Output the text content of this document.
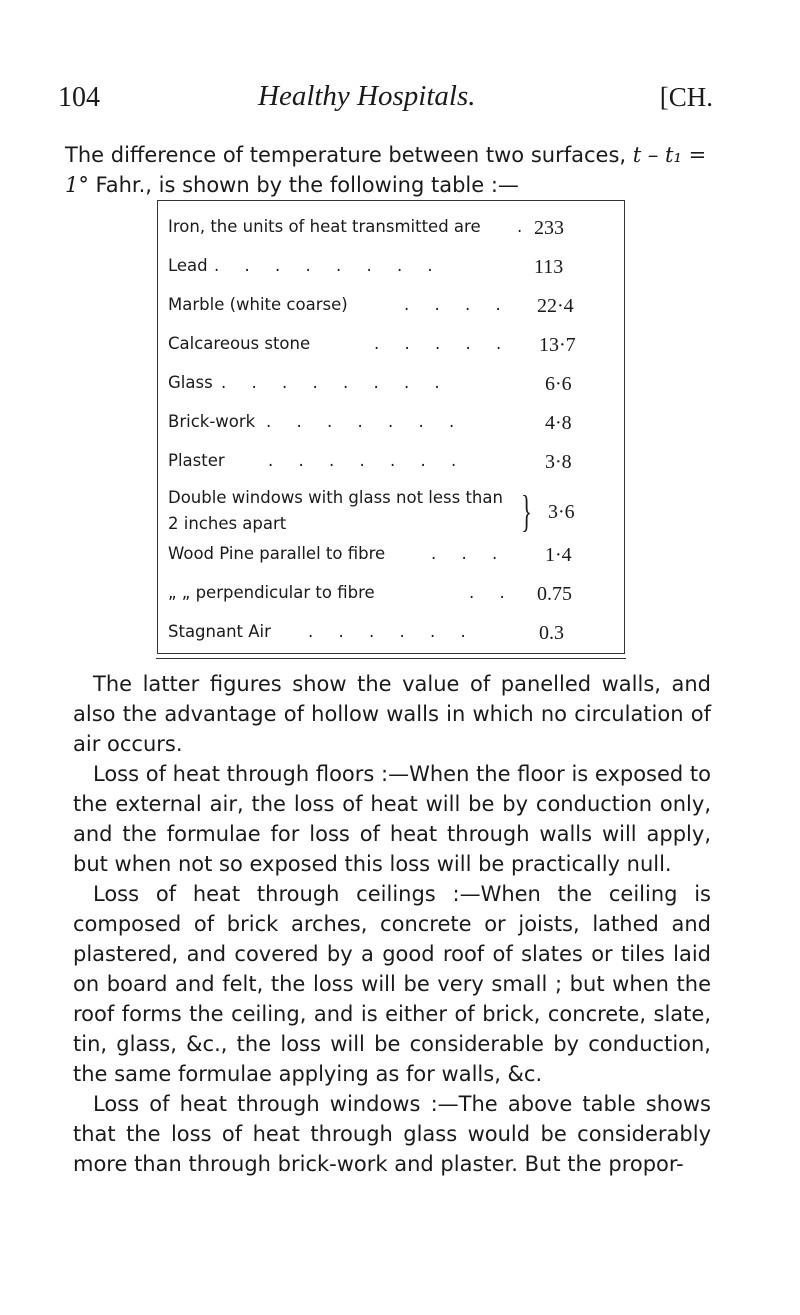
104	Healthy Hospitals.	[CH.
The difference of temperature between two surfaces, t – t₁ = 1° Fahr., is shown by the following table :—
Iron, the units of heat transmitted are . 233
Lead . . . . . . . .	113
Marble (white coarse)	. . . . 22·4
Calcareous stone	. . . . . 13·7
Glass . . . . . . . .	6·6
Brick-work . . . . . . .	4·8
Plaster	. . . . . . .	3·8
Double windows with glass not less than
2 inches apart	} 3·6
Wood Pine parallel to fibre	. . . 1·4
„ „ perpendicular to fibre	. . 0.75
Stagnant Air . . . . . .	0.3

The latter figures show the value of panelled walls, and also the advantage of hollow walls in which no circulation of air occurs.

Loss of heat through floors :—When the floor is exposed to the external air, the loss of heat will be by conduction only, and the formulae for loss of heat through walls will apply, but when not so exposed this loss will be practically null.

Loss of heat through ceilings :—When the ceiling is composed of brick arches, concrete or joists, lathed and plastered, and covered by a good roof of slates or tiles laid on board and felt, the loss will be very small ; but when the roof forms the ceiling, and is either of brick, concrete, slate, tin, glass, &c., the loss will be considerable by conduction, the same formulae applying as for walls, &c.

Loss of heat through windows :—The above table shows that the loss of heat through glass would be considerably more than through brick-work and plaster. But the propor-
